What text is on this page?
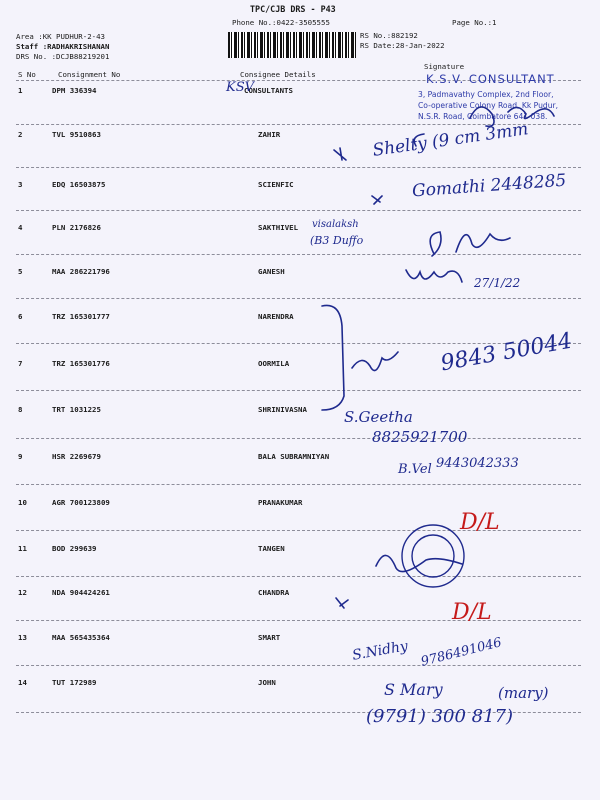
TPC/CJB DRS - P43
Phone No.:0422-3505555	Page No.:1
Area :KK PUDHUR-2-43
Staff :RADHAKRISHANAN
DRS No. :DCJB88219201
RS No.:882192
RS Date:28-Jan-2022
S No	Consignment No	Consignee Details
Signature
K.S.V. CONSULTANT
3, Padmavathy Complex, 2nd Floor,
Co-operative Colony Road, Kk Pudur,
N.S.R. Road, Coimbatore 641 038.
1	DPM 336394	CONSULTANTS
2	TVL 9510863	ZAHIR
3	EDQ 16503875	SCIENFIC
4	PLN 2176826	SAKTHIVEL
5	MAA 286221796	GANESH
6	TRZ 165301777	NARENDRA
7	TRZ 165301776	OORMILA
8	TRT 1031225	SHRINIVASNA
9	HSR 2269679	BALA SUBRAMNIYAN
10	AGR 700123809	PRANAKUMAR
11	BOD 299639	TANGEN
12	NDA 904424261	CHANDRA
13	MAA 565435364	SMART
14	TUT 172989	JOHN
KSV
Shelty (9 cm 3mm
Gomathi 2448285
visalaksh
(B3 Duffo
27/1/22
9843 50044
S.Geetha
8825921700
B.Vel 9443042333
D/L
D/L
S.Nidhy 9786491046
S Mary	(mary)
(9791) 300 817)
